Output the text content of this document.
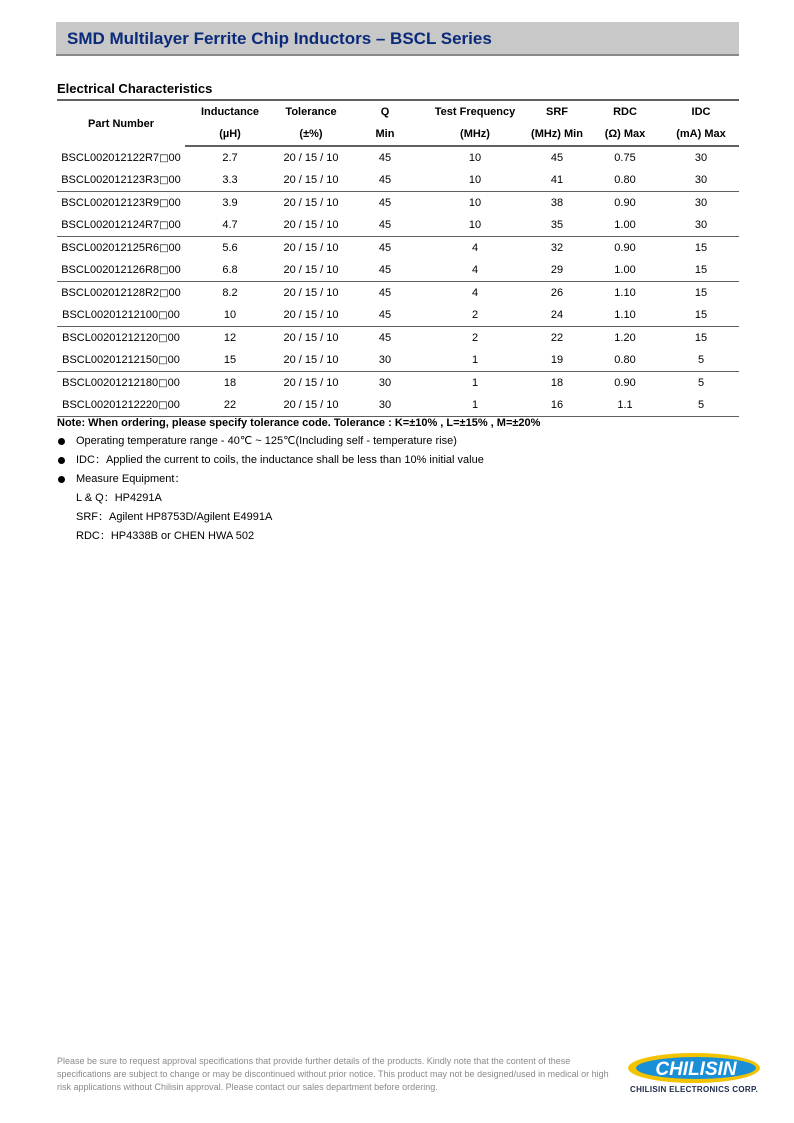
SMD Multilayer Ferrite Chip Inductors – BSCL Series
Electrical Characteristics
Part Number	Inductance	Tolerance	Q	Test Frequency	SRF	RDC	IDC
	(µH)	(±%)	Min	(MHz)	(MHz) Min	(Ω) Max	(mA) Max
BSCL002012122R7□00	2.7	20 / 15 / 10	45	10	45	0.75	30
BSCL002012123R3□00	3.3	20 / 15 / 10	45	10	41	0.80	30
BSCL002012123R9□00	3.9	20 / 15 / 10	45	10	38	0.90	30
BSCL002012124R7□00	4.7	20 / 15 / 10	45	10	35	1.00	30
BSCL002012125R6□00	5.6	20 / 15 / 10	45	4	32	0.90	15
BSCL002012126R8□00	6.8	20 / 15 / 10	45	4	29	1.00	15
BSCL002012128R2□00	8.2	20 / 15 / 10	45	4	26	1.10	15
BSCL00201212100□00	10	20 / 15 / 10	45	2	24	1.10	15
BSCL00201212120□00	12	20 / 15 / 10	45	2	22	1.20	15
BSCL00201212150□00	15	20 / 15 / 10	30	1	19	0.80	5
BSCL00201212180□00	18	20 / 15 / 10	30	1	18	0.90	5
BSCL00201212220□00	22	20 / 15 / 10	30	1	16	1.1	5
Note: When ordering, please specify tolerance code. Tolerance : K=±10% , L=±15% , M=±20%
Operating temperature range - 40℃ ~ 125℃(Including self - temperature rise)
IDC：Applied the current to coils, the inductance shall be less than 10% initial value
Measure Equipment：
L & Q：HP4291A
SRF：Agilent HP8753D/Agilent E4991A
RDC：HP4338B or CHEN HWA 502
Please be sure to request approval specifications that provide further details of the products. Kindly note that the content of these specifications are subject to change or may be discontinued without prior notice. This product may not be designed/used in medical or high risk applications without Chilisin approval. Please contact our sales department before ordering.
CHILISIN
CHILISIN ELECTRONICS CORP.
